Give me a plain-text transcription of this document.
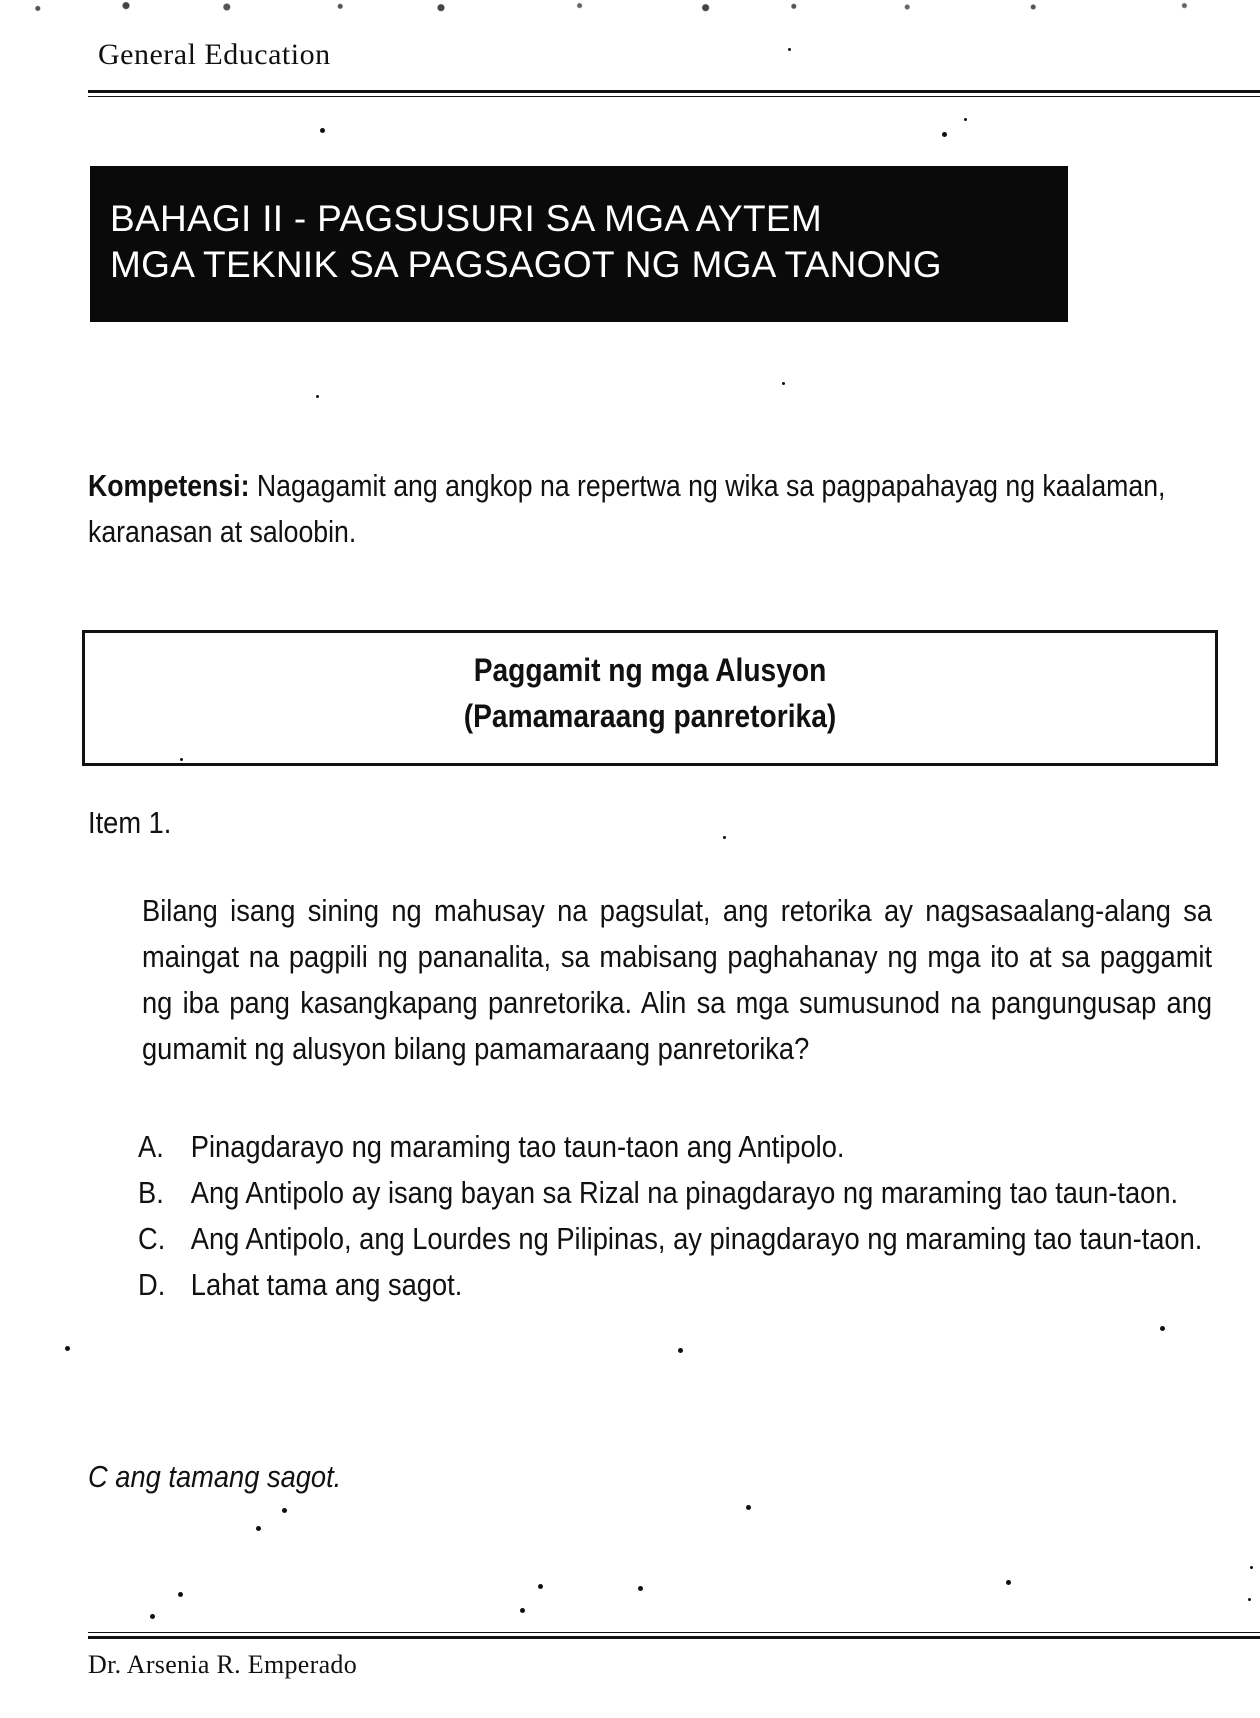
General Education
BAHAGI II - PAGSUSURI SA MGA AYTEM
MGA TEKNIK SA PAGSAGOT NG MGA TANONG
Kompetensi: Nagagamit ang angkop na repertwa ng wika sa pagpapahayag ng kaalaman, karanasan at saloobin.
Paggamit ng mga Alusyon
(Pamamaraang panretorika)
Item 1.
Bilang isang sining ng mahusay na pagsulat, ang retorika ay nagsasaalang-alang sa maingat na pagpili ng pananalita, sa mabisang paghahanay ng mga ito at sa paggamit ng iba pang kasangkapang panretorika. Alin sa mga sumusunod na pangungusap ang gumamit ng alusyon bilang pamamaraang panretorika?
A. Pinagdarayo ng maraming tao taun-taon ang Antipolo.
B. Ang Antipolo ay isang bayan sa Rizal na pinagdarayo ng maraming tao taun-taon.
C. Ang Antipolo, ang Lourdes ng Pilipinas, ay pinagdarayo ng maraming tao taun-taon.
D. Lahat tama ang sagot.
C ang tamang sagot.
Dr. Arsenia R. Emperado
